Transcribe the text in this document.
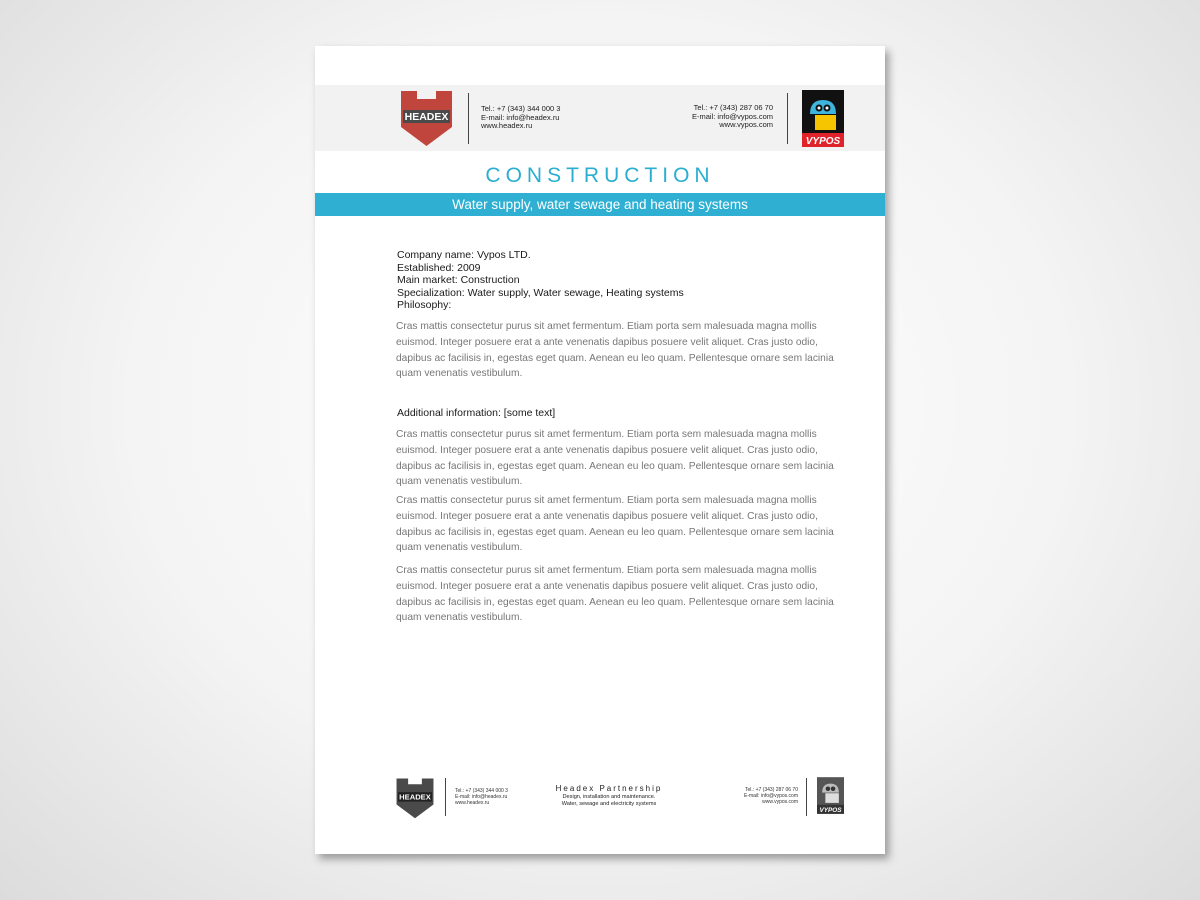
HEADEX
Tel.: +7 (343) 344 000 3
E-mail: info@headex.ru
www.headex.ru
Tel.: +7 (343) 287 06 70
E-mail: info@vypos.com
www.vypos.com
VYPOS
CONSTRUCTION
Water supply, water sewage and heating systems
Company name: Vypos LTD.
Established: 2009
Main market: Construction
Specialization: Water supply, Water sewage, Heating systems
Philosophy:
Cras mattis consectetur purus sit amet fermentum. Etiam porta sem malesuada magna mollis euismod. Integer posuere erat a ante venenatis dapibus posuere velit aliquet. Cras justo odio, dapibus ac facilisis in, egestas eget quam. Aenean eu leo quam. Pellentesque ornare sem lacinia quam venenatis vestibulum.
Additional information: [some text]
Cras mattis consectetur purus sit amet fermentum. Etiam porta sem malesuada magna mollis euismod. Integer posuere erat a ante venenatis dapibus posuere velit aliquet. Cras justo odio, dapibus ac facilisis in, egestas eget quam. Aenean eu leo quam. Pellentesque ornare sem lacinia quam venenatis vestibulum.
Cras mattis consectetur purus sit amet fermentum. Etiam porta sem malesuada magna mollis euismod. Integer posuere erat a ante venenatis dapibus posuere velit aliquet. Cras justo odio, dapibus ac facilisis in, egestas eget quam. Aenean eu leo quam. Pellentesque ornare sem lacinia quam venenatis vestibulum.
Cras mattis consectetur purus sit amet fermentum. Etiam porta sem malesuada magna mollis euismod. Integer posuere erat a ante venenatis dapibus posuere velit aliquet. Cras justo odio, dapibus ac facilisis in, egestas eget quam. Aenean eu leo quam. Pellentesque ornare sem lacinia quam venenatis vestibulum.
HEADEX
Tel.: +7 (343) 344 000 3
E-mail: info@headex.ru
www.headex.ru
Headex Partnership
Design, installation and maintenance.
Water, sewage and electricity systems
Tel.: +7 (343) 287 06 70
E-mail: info@vypos.com
www.vypos.com
VYPOS
